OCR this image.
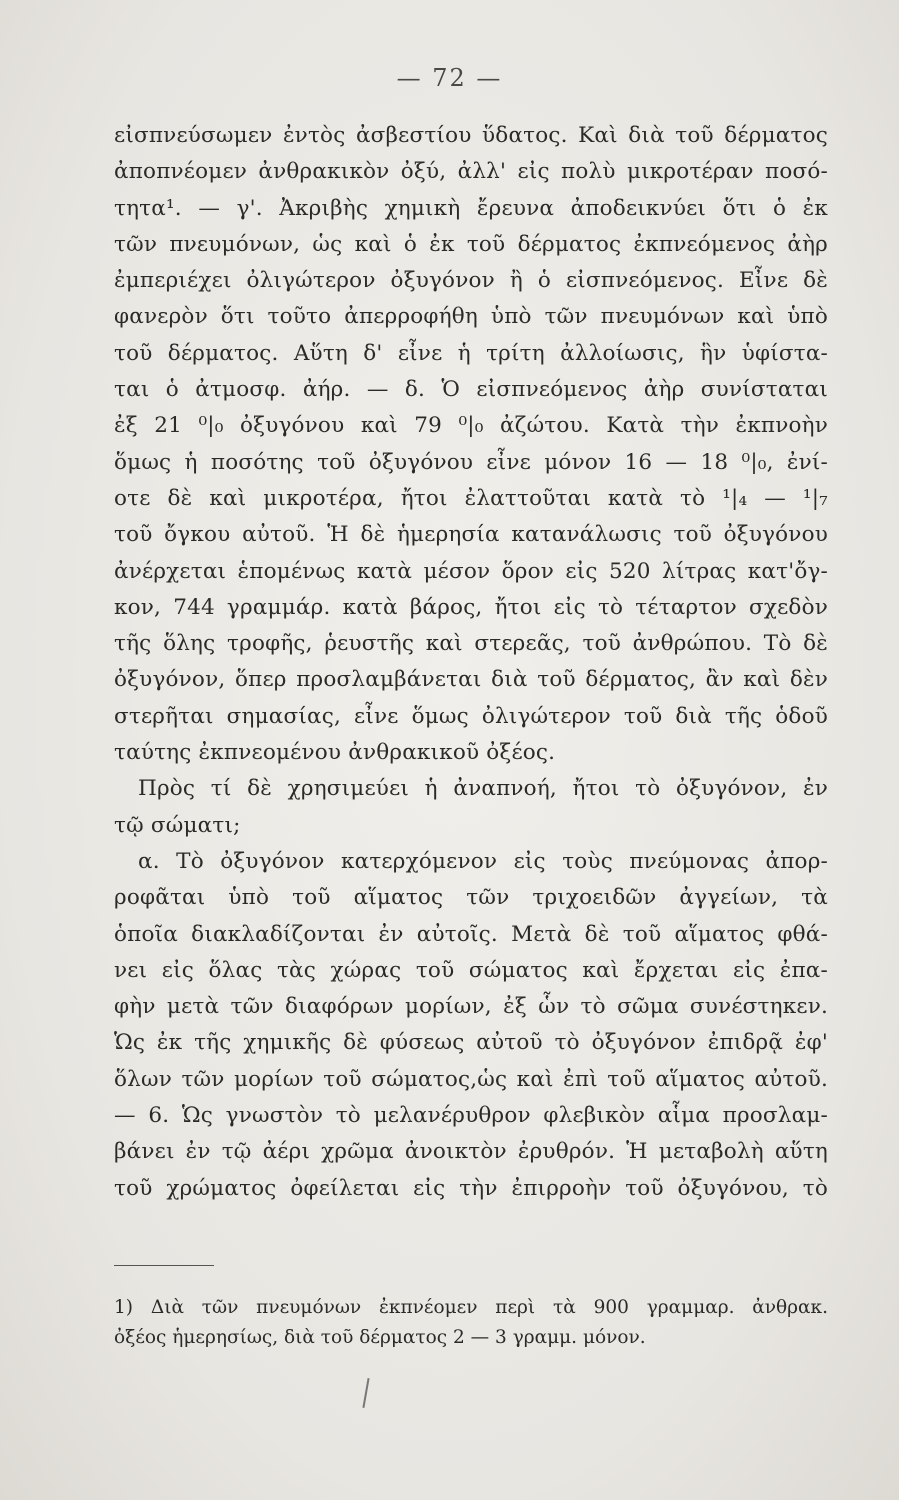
— 72 —
εἰσπνεύσωμεν ἐντὸς ἀσβεστίου ὕδατος. Καὶ διὰ τοῦ δέρματος
ἀποπνέομεν ἀνθρακικὸν ὀξύ, ἀλλ' εἰς πολὺ μικροτέραν ποσό-
τητα¹. — γ'. Ἀκριβὴς χημικὴ ἔρευνα ἀποδεικνύει ὅτι ὁ ἐκ
τῶν πνευμόνων, ὡς καὶ ὁ ἐκ τοῦ δέρματος ἐκπνεόμενος ἀὴρ
ἐμπεριέχει ὀλιγώτερον ὀξυγόνον ἢ ὁ εἰσπνεόμενος. Εἶνε δὲ
φανερὸν ὅτι τοῦτο ἀπερροφήθη ὑπὸ τῶν πνευμόνων καὶ ὑπὸ
τοῦ δέρματος. Αὕτη δ' εἶνε ἡ τρίτη ἀλλοίωσις, ἣν ὑφίστα-
ται ὁ ἀτμοσφ. ἀήρ. — δ. Ὁ εἰσπνεόμενος ἀὴρ συνίσταται
ἐξ 21 ⁰|₀ ὀξυγόνου καὶ 79 ⁰|₀ ἀζώτου. Κατὰ τὴν ἐκπνοὴν
ὅμως ἡ ποσότης τοῦ ὀξυγόνου εἶνε μόνον 16 — 18 ⁰|₀, ἐνί-
οτε δὲ καὶ μικροτέρα, ἤτοι ἐλαττοῦται κατὰ τὸ ¹|₄ — ¹|₇
τοῦ ὄγκου αὐτοῦ. Ἡ δὲ ἡμερησία κατανάλωσις τοῦ ὀξυγόνου
ἀνέρχεται ἑπομένως κατὰ μέσον ὅρον εἰς 520 λίτρας κατ'ὄγ-
κον, 744 γραμμάρ. κατὰ βάρος, ἤτοι εἰς τὸ τέταρτον σχεδὸν
τῆς ὅλης τροφῆς, ῥευστῆς καὶ στερεᾶς, τοῦ ἀνθρώπου. Τὸ δὲ
ὀξυγόνον, ὅπερ προσλαμβάνεται διὰ τοῦ δέρματος, ἂν καὶ δὲν
στερῆται σημασίας, εἶνε ὅμως ὀλιγώτερον τοῦ διὰ τῆς ὁδοῦ
ταύτης ἐκπνεομένου ἀνθρακικοῦ ὀξέος.
Πρὸς τί δὲ χρησιμεύει ἡ ἀναπνοή, ἤτοι τὸ ὀξυγόνον, ἐν
τῷ σώματι;
α. Τὸ ὀξυγόνον κατερχόμενον εἰς τοὺς πνεύμονας ἀπορ-
ροφᾶται ὑπὸ τοῦ αἵματος τῶν τριχοειδῶν ἀγγείων, τὰ
ὁποῖα διακλαδίζονται ἐν αὐτοῖς. Μετὰ δὲ τοῦ αἵματος φθά-
νει εἰς ὅλας τὰς χώρας τοῦ σώματος καὶ ἔρχεται εἰς ἐπα-
φὴν μετὰ τῶν διαφόρων μορίων, ἐξ ὧν τὸ σῶμα συνέστηκεν.
Ὡς ἐκ τῆς χημικῆς δὲ φύσεως αὐτοῦ τὸ ὀξυγόνον ἐπιδρᾷ ἐφ'
ὅλων τῶν μορίων τοῦ σώματος,ὡς καὶ ἐπὶ τοῦ αἵματος αὐτοῦ.
— 6. Ὡς γνωστὸν τὸ μελανέρυθρον φλεβικὸν αἷμα προσλαμ-
βάνει ἐν τῷ ἀέρι χρῶμα ἀνοικτὸν ἐρυθρόν. Ἡ μεταβολὴ αὕτη
τοῦ χρώματος ὀφείλεται εἰς τὴν ἐπιρροὴν τοῦ ὀξυγόνου, τὸ
1) Διὰ τῶν πνευμόνων ἐκπνέομεν περὶ τὰ 900 γραμμαρ. ἀνθρακ.
ὀξέος ἡμερησίως, διὰ τοῦ δέρματος 2 — 3 γραμμ. μόνον.
